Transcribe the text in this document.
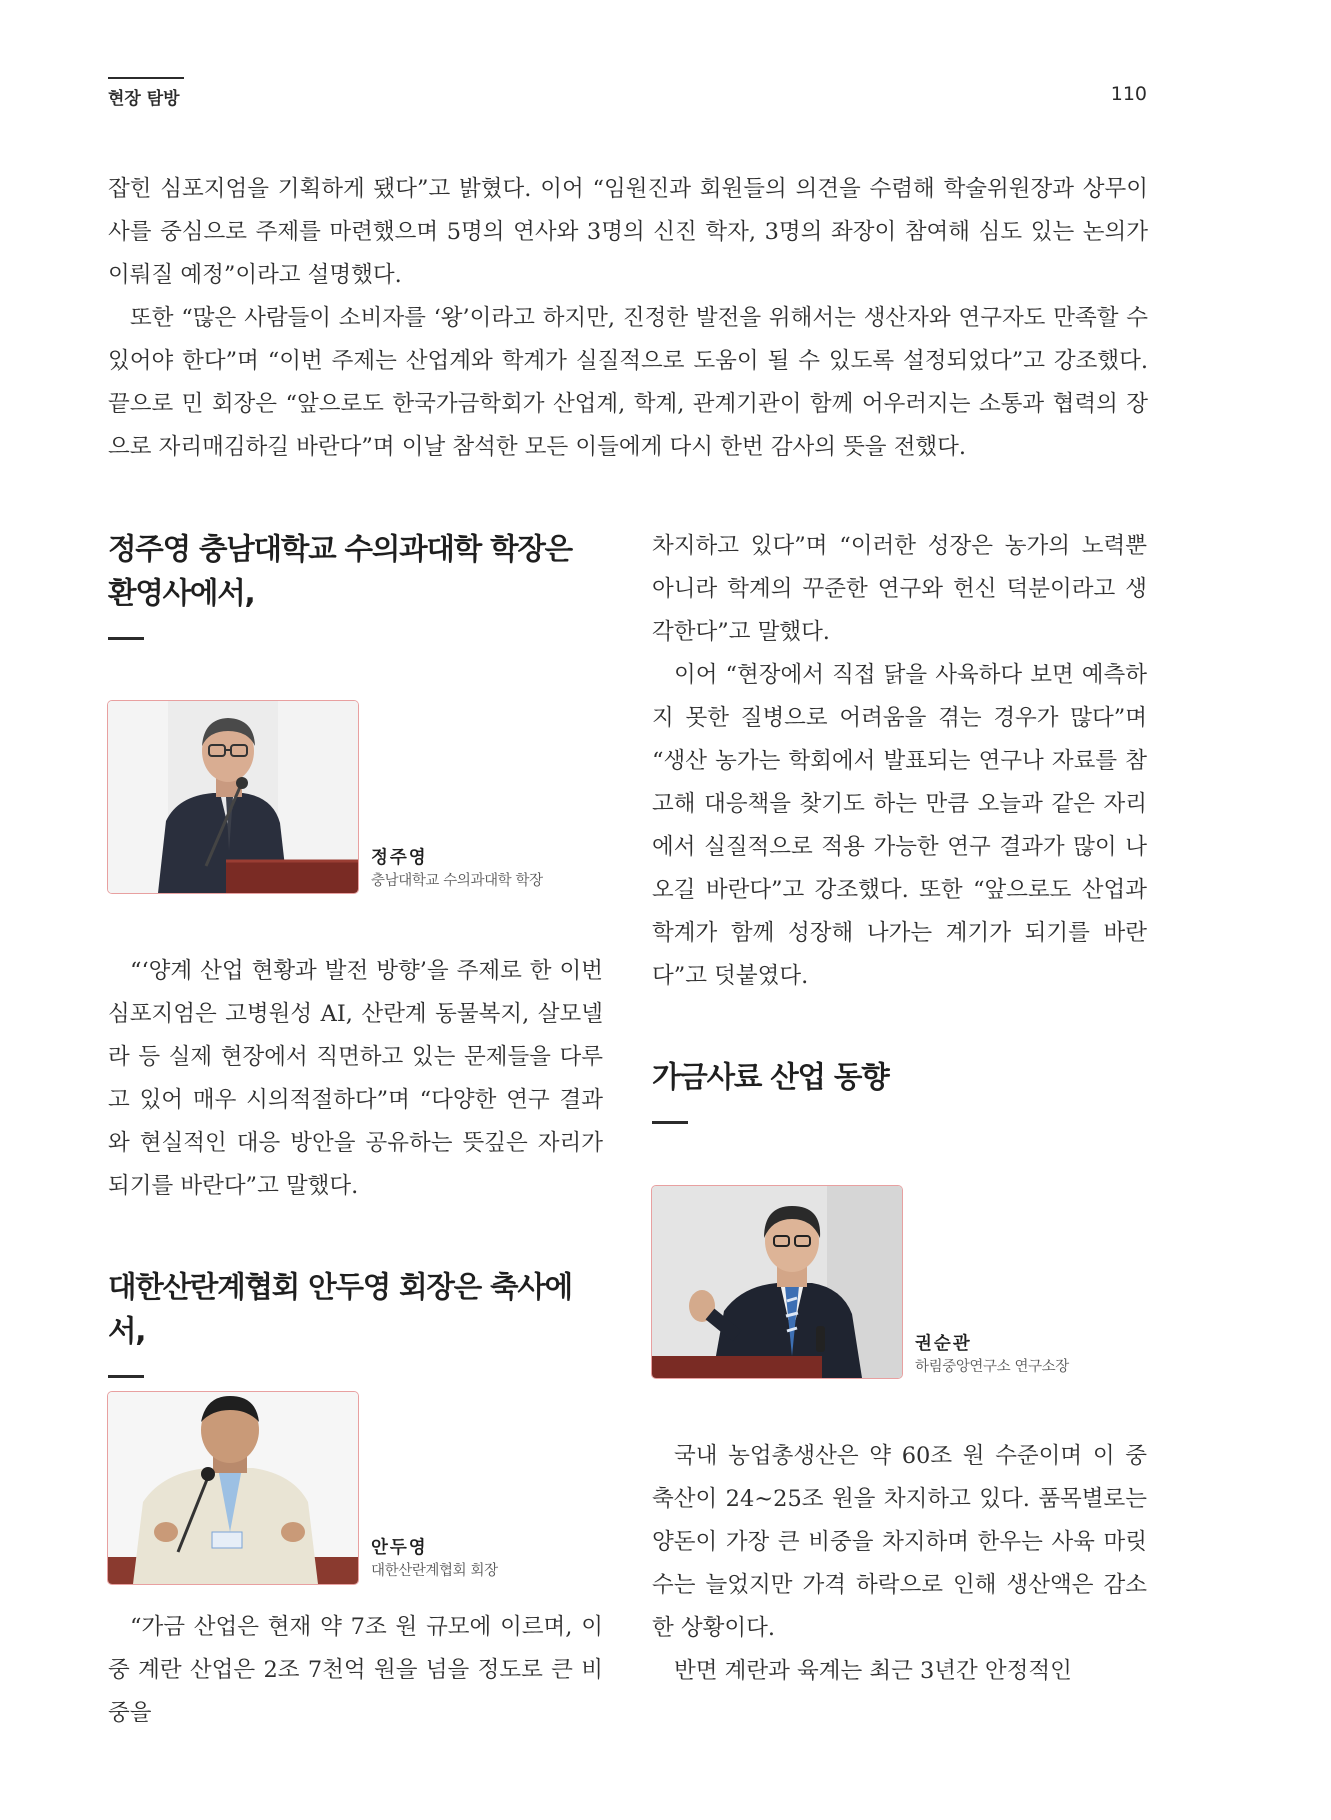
현장 탐방	110

잡힌 심포지엄을 기획하게 됐다”고 밝혔다. 이어 “임원진과 회원들의 의견을 수렴해 학술위원장과 상무이사를 중심으로 주제를 마련했으며 5명의 연사와 3명의 신진 학자, 3명의 좌장이 참여해 심도 있는 논의가 이뤄질 예정”이라고 설명했다.

또한 “많은 사람들이 소비자를 ‘왕’이라고 하지만, 진정한 발전을 위해서는 생산자와 연구자도 만족할 수 있어야 한다”며 “이번 주제는 산업계와 학계가 실질적으로 도움이 될 수 있도록 설정되었다”고 강조했다. 끝으로 민 회장은 “앞으로도 한국가금학회가 산업계, 학계, 관계기관이 함께 어우러지는 소통과 협력의 장으로 자리매김하길 바란다”며 이날 참석한 모든 이들에게 다시 한번 감사의 뜻을 전했다.

정주영 충남대학교 수의과대학 학장은
환영사에서,
정주영
충남대학교 수의과대학 학장

“‘양계 산업 현황과 발전 방향’을 주제로 한 이번 심포지엄은 고병원성 AI, 산란계 동물복지, 살모넬라 등 실제 현장에서 직면하고 있는 문제들을 다루고 있어 매우 시의적절하다”며 “다양한 연구 결과와 현실적인 대응 방안을 공유하는 뜻깊은 자리가 되기를 바란다”고 말했다.

대한산란계협회 안두영 회장은 축사에서,
안두영
대한산란계협회 회장

“가금 산업은 현재 약 7조 원 규모에 이르며, 이 중 계란 산업은 2조 7천억 원을 넘을 정도로 큰 비중을

차지하고 있다”며 “이러한 성장은 농가의 노력뿐 아니라 학계의 꾸준한 연구와 헌신 덕분이라고 생각한다”고 말했다.

이어 “현장에서 직접 닭을 사육하다 보면 예측하지 못한 질병으로 어려움을 겪는 경우가 많다”며 “생산 농가는 학회에서 발표되는 연구나 자료를 참고해 대응책을 찾기도 하는 만큼 오늘과 같은 자리에서 실질적으로 적용 가능한 연구 결과가 많이 나오길 바란다”고 강조했다. 또한 “앞으로도 산업과 학계가 함께 성장해 나가는 계기가 되기를 바란다”고 덧붙였다.

가금사료 산업 동향
권순관
하림중앙연구소 연구소장

국내 농업총생산은 약 60조 원 수준이며 이 중 축산이 24~25조 원을 차지하고 있다. 품목별로는 양돈이 가장 큰 비중을 차지하며 한우는 사육 마릿수는 늘었지만 가격 하락으로 인해 생산액은 감소한 상황이다.

반면 계란과 육계는 최근 3년간 안정적인
